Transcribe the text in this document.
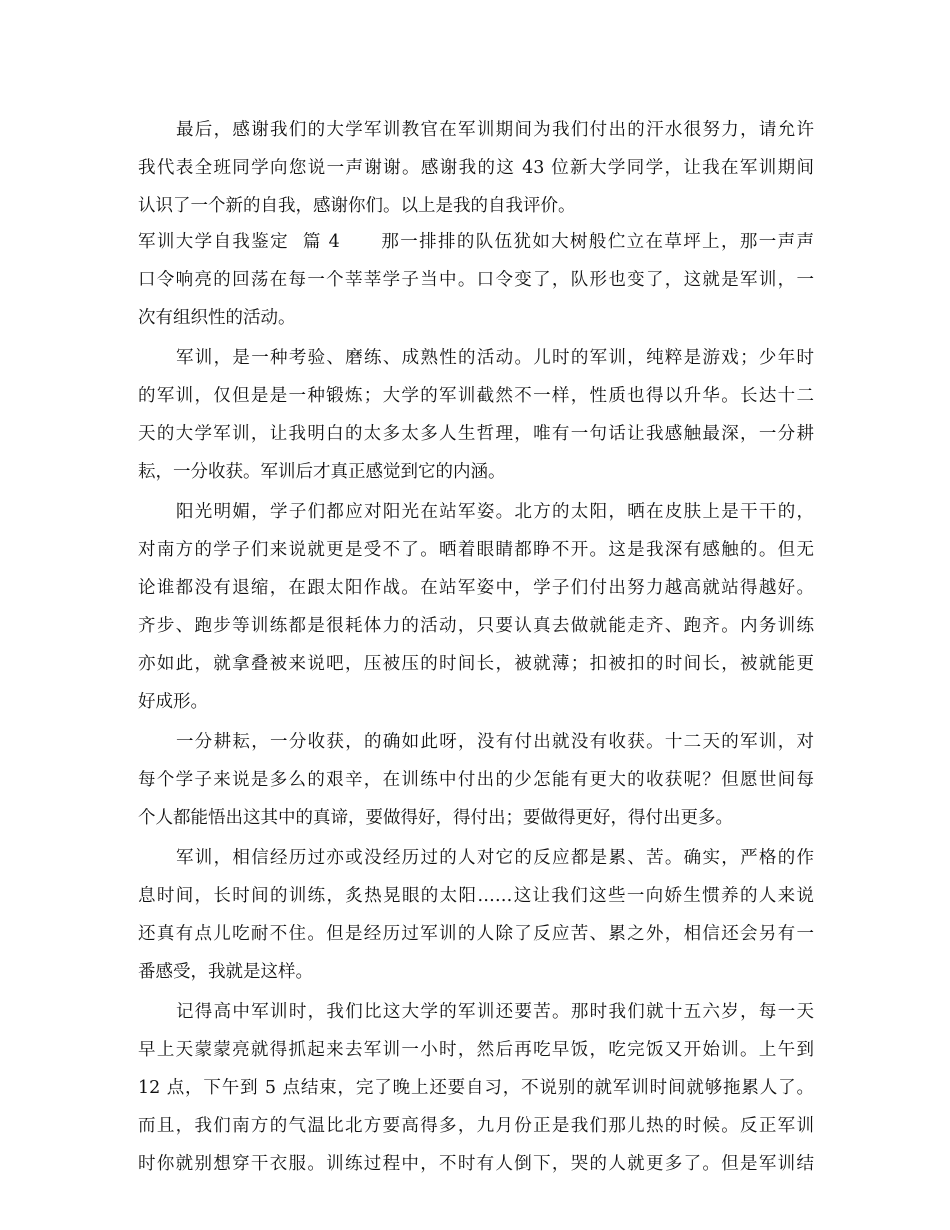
最后，感谢我们的大学军训教官在军训期间为我们付出的汗水很努力，请允许
我代表全班同学向您说一声谢谢。感谢我的这 43 位新大学同学，让我在军训期间
认识了一个新的自我，感谢你们。以上是我的自我评价。
军训大学自我鉴定  篇 4      那一排排的队伍犹如大树般伫立在草坪上，那一声声
口令响亮的回荡在每一个莘莘学子当中。口令变了，队形也变了，这就是军训，一
次有组织性的活动。
军训，是一种考验、磨练、成熟性的活动。儿时的军训，纯粹是游戏；少年时
的军训，仅但是是一种锻炼；大学的军训截然不一样，性质也得以升华。长达十二
天的大学军训，让我明白的太多太多人生哲理，唯有一句话让我感触最深，一分耕
耘，一分收获。军训后才真正感觉到它的内涵。
阳光明媚，学子们都应对阳光在站军姿。北方的太阳，晒在皮肤上是干干的，
对南方的学子们来说就更是受不了。晒着眼睛都睁不开。这是我深有感触的。但无
论谁都没有退缩，在跟太阳作战。在站军姿中，学子们付出努力越高就站得越好。
齐步、跑步等训练都是很耗体力的活动，只要认真去做就能走齐、跑齐。内务训练
亦如此，就拿叠被来说吧，压被压的时间长，被就薄；扣被扣的时间长，被就能更
好成形。
一分耕耘，一分收获，的确如此呀，没有付出就没有收获。十二天的军训，对
每个学子来说是多么的艰辛，在训练中付出的少怎能有更大的收获呢？但愿世间每
个人都能悟出这其中的真谛，要做得好，得付出；要做得更好，得付出更多。
军训，相信经历过亦或没经历过的人对它的反应都是累、苦。确实，严格的作
息时间，长时间的训练，炙热晃眼的太阳……这让我们这些一向娇生惯养的人来说
还真有点儿吃耐不住。但是经历过军训的人除了反应苦、累之外，相信还会另有一
番感受，我就是这样。
记得高中军训时，我们比这大学的军训还要苦。那时我们就十五六岁，每一天
早上天蒙蒙亮就得抓起来去军训一小时，然后再吃早饭，吃完饭又开始训。上午到
12 点，下午到 5 点结束，完了晚上还要自习，不说别的就军训时间就够拖累人了。
而且，我们南方的气温比北方要高得多，九月份正是我们那儿热的时候。反正军训
时你就别想穿干衣服。训练过程中，不时有人倒下，哭的人就更多了。但是军训结
